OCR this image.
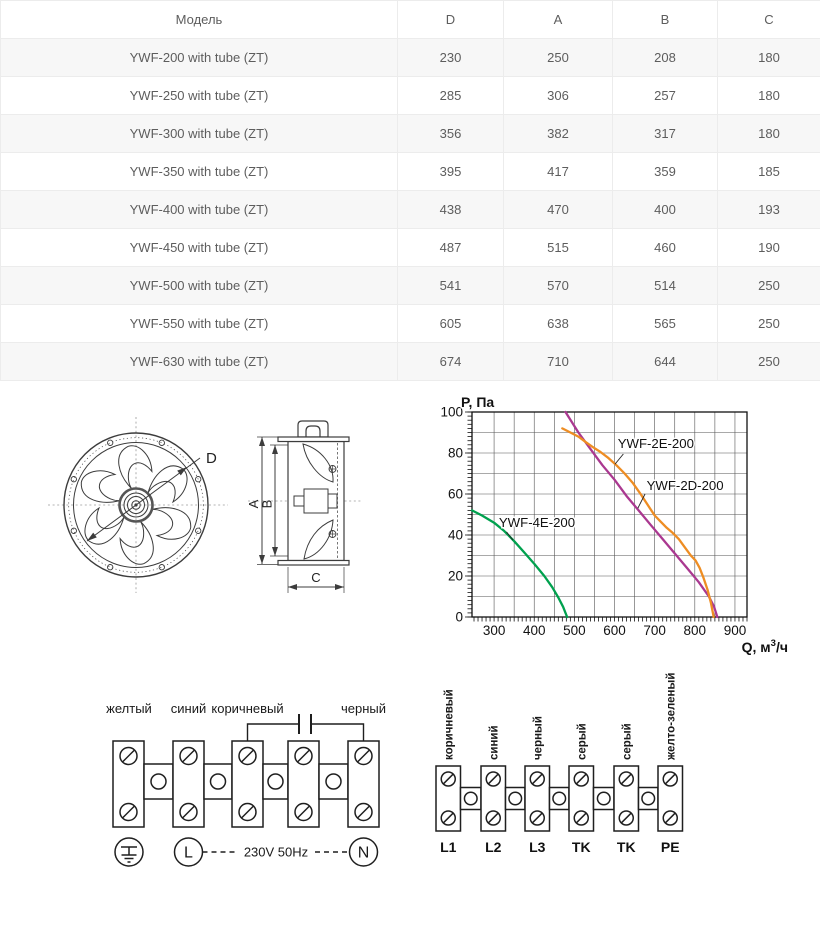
Модель	D	A	B	C
YWF-200 with tube (ZT)	230	250	208	180
YWF-250 with tube (ZT)	285	306	257	180
YWF-300 with tube (ZT)	356	382	317	180
YWF-350 with tube (ZT)	395	417	359	185
YWF-400 with tube (ZT)	438	470	400	193
YWF-450 with tube (ZT)	487	515	460	190
YWF-500 with tube (ZT)	541	570	514	250
YWF-550 with tube (ZT)	605	638	565	250
YWF-630 with tube (ZT)	674	710	644	250
D
A
B
C
300 400 500 600 700 800 900
0
20
40
60
80
100
P, Па
Q, $м^3/ч$
YWF-2E-200
YWF-2D-200
YWF-4E-200
желтый синий коричневый	черный
L	N
230V 50Hz
коричневый	синий	черный	серый	серый	желто-зеленый
L1 L2 L3 TK TK PE
